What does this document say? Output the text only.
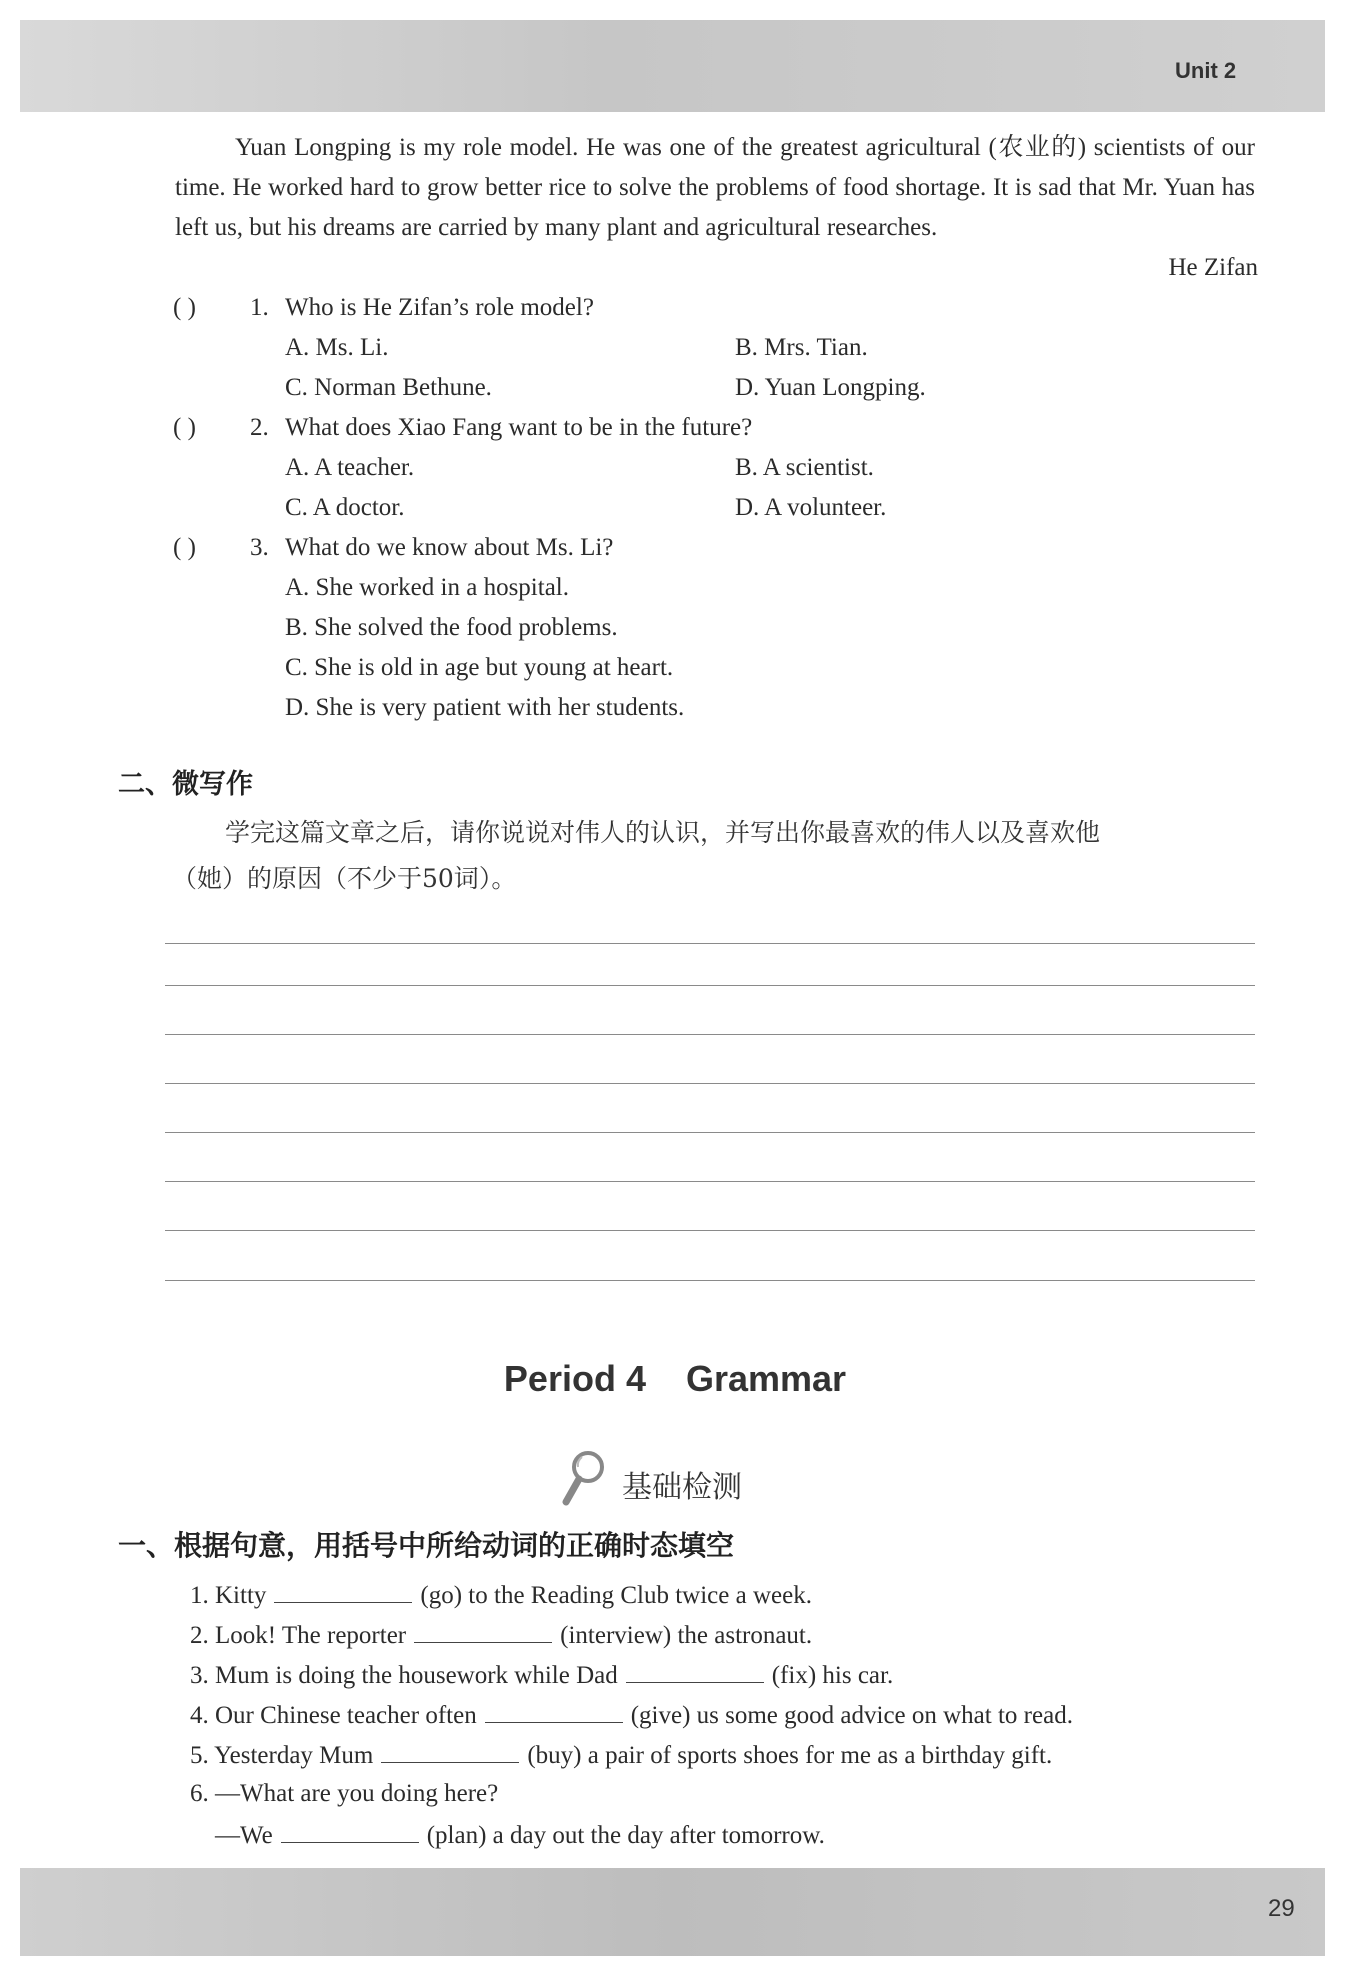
Unit 2
Yuan Longping is my role model. He was one of the greatest agricultural (农业的) scientists of our time. He worked hard to grow better rice to solve the problems of food shortage. It is sad that Mr. Yuan has left us, but his dreams are carried by many plant and agricultural researches.
He Zifan
( ) 1. Who is He Zifan’s role model?
A. Ms. Li.	B. Mrs. Tian.
C. Norman Bethune.	D. Yuan Longping.
( ) 2. What does Xiao Fang want to be in the future?
A. A teacher.	B. A scientist.
C. A doctor.	D. A volunteer.
( ) 3. What do we know about Ms. Li?
A. She worked in a hospital.
B. She solved the food problems.
C. She is old in age but young at heart.
D. She is very patient with her students.
二、微写作
学完这篇文章之后，请你说说对伟人的认识，并写出你最喜欢的伟人以及喜欢他
（她）的原因（不少于50词）。
Period 4 Grammar
基础检测
一、根据句意，用括号中所给动词的正确时态填空
1. Kitty	(go) to the Reading Club twice a week.
2. Look! The reporter	(interview) the astronaut.
3. Mum is doing the housework while Dad	(fix) his car.
4. Our Chinese teacher often	(give) us some good advice on what to read.
5. Yesterday Mum	(buy) a pair of sports shoes for me as a birthday gift.
6. —What are you doing here?
—We	(plan) a day out the day after tomorrow.
29
